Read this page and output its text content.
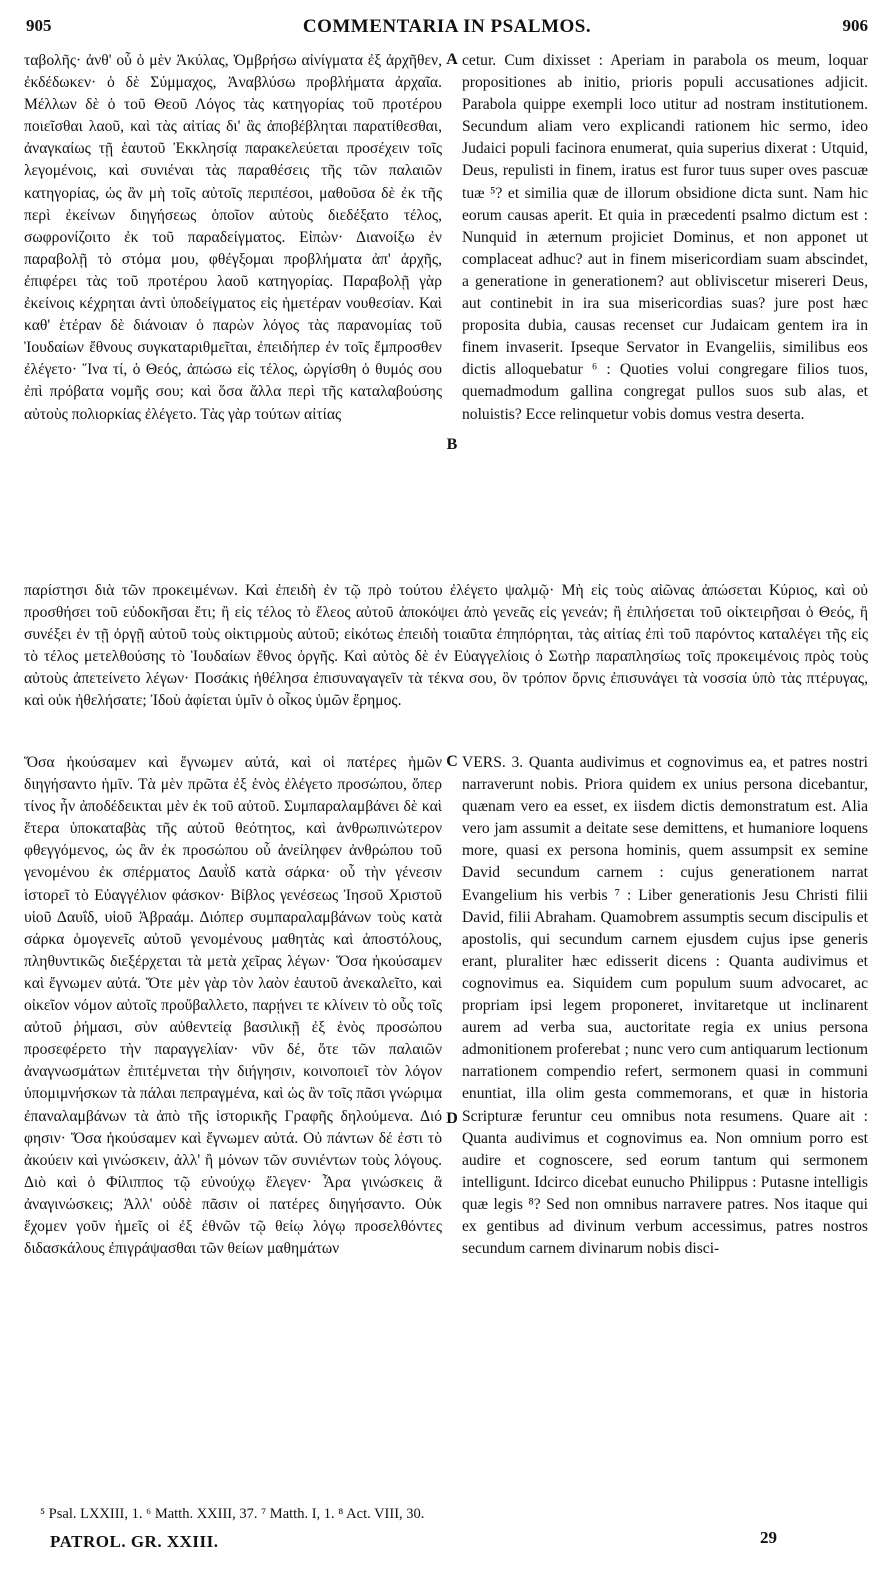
905	COMMENTARIA IN PSALMOS.	906

ταβολῆς· ἀνθ' οὗ ὁ μὲν Ἀκύλας, Ὀμβρήσω αἰνίγματα ἐξ ἀρχῆθεν, ἐκδέδωκεν· ὁ δὲ Σύμμαχος, Ἀναβλύσω προβλήματα ἀρχαῖα. Μέλλων δὲ ὁ τοῦ Θεοῦ Λόγος τὰς κατηγορίας τοῦ προτέρου ποιεῖσθαι λαοῦ, καὶ τὰς αἰτίας δι' ἃς ἀποβέβληται παρατίθεσθαι, ἀναγκαίως τῇ ἑαυτοῦ Ἐκκλησίᾳ παρακελεύεται προσέχειν τοῖς λεγομένοις, καὶ συνιέναι τὰς παραθέσεις τῆς τῶν παλαιῶν κατηγορίας, ὡς ἂν μὴ τοῖς αὐτοῖς περιπέσοι, μαθοῦσα δὲ ἐκ τῆς περὶ ἐκείνων διηγήσεως ὁποῖον αὐτοὺς διεδέξατο τέλος, σωφρονίζοιτο ἐκ τοῦ παραδείγματος. Εἰπὼν· Διανοίξω ἐν παραβολῇ τὸ στόμα μου, φθέγξομαι προβλήματα ἀπ' ἀρχῆς, ἐπιφέρει τὰς τοῦ προτέρου λαοῦ κατηγορίας. Παραβολῇ γὰρ ἐκείνοις κέχρηται ἀντὶ ὑποδείγματος εἰς ἡμετέραν νουθεσίαν. Καὶ καθ' ἑτέραν δὲ διάνοιαν ὁ παρὼν λόγος τὰς παρανομίας τοῦ Ἰουδαίων ἔθνους συγκαταριθμεῖται, ἐπειδήπερ ἐν τοῖς ἔμπροσθεν ἐλέγετο· Ἵνα τί, ὁ Θεός, ἀπώσω εἰς τέλος, ὠργίσθη ὁ θυμός σου ἐπὶ πρόβατα νομῆς σου; καὶ ὅσα ἄλλα περὶ τῆς καταλαβούσης αὐτοὺς πολιορκίας ἐλέγετο. Τὰς γὰρ τούτων αἰτίας

cetur. Cum dixisset : Aperiam in parabola os meum, loquar propositiones ab initio, prioris populi accusationes adjicit. Parabola quippe exempli loco utitur ad nostram institutionem. Secundum aliam vero explicandi rationem hic sermo, ideo Judaici populi facinora enumerat, quia superius dixerat : Utquid, Deus, repulisti in finem, iratus est furor tuus super oves pascuæ tuæ ⁵? et similia quæ de illorum obsidione dicta sunt. Nam hic eorum causas aperit. Et quia in præcedenti psalmo dictum est : Nunquid in æternum projiciet Dominus, et non apponet ut complaceat adhuc? aut in finem misericordiam suam abscindet, a generatione in generationem? aut obliviscetur misereri Deus, aut continebit in ira sua misericordias suas? jure post hæc proposita dubia, causas recenset cur Judaicam gentem ira in finem invaserit. Ipseque Servator in Evangeliis, similibus eos dictis alloquebatur ⁶ : Quoties volui congregare filios tuos, quemadmodum gallina congregat pullos suos sub alas, et noluistis? Ecce relinquetur vobis domus vestra deserta.

A
B

παρίστησι διὰ τῶν προκειμένων. Καὶ ἐπειδὴ ἐν τῷ πρὸ τούτου ἐλέγετο ψαλμῷ· Μὴ εἰς τοὺς αἰῶνας ἀπώσεται Κύριος, καὶ οὐ προσθήσει τοῦ εὐδοκῆσαι ἔτι; ἢ εἰς τέλος τὸ ἔλεος αὐτοῦ ἀποκόψει ἀπὸ γενεᾶς εἰς γενεάν; ἢ ἐπιλήσεται τοῦ οἰκτειρῆσαι ὁ Θεός, ἢ συνέξει ἐν τῇ ὀργῇ αὐτοῦ τοὺς οἰκτιρμοὺς αὐτοῦ; εἰκότως ἐπειδὴ τοιαῦτα ἐπηπόρηται, τὰς αἰτίας ἐπὶ τοῦ παρόντος καταλέγει τῆς εἰς τὸ τέλος μετελθούσης τὸ Ἰουδαίων ἔθνος ὀργῆς. Καὶ αὐτὸς δὲ ἐν Εὐαγγελίοις ὁ Σωτὴρ παραπλησίως τοῖς προκειμένοις πρὸς τοὺς αὐτοὺς ἀπετείνετο λέγων· Ποσάκις ἠθέλησα ἐπισυναγαγεῖν τὰ τέκνα σου, ὃν τρόπον ὄρνις ἐπισυνάγει τὰ νοσσία ὑπὸ τὰς πτέρυγας, καὶ οὐκ ἠθελήσατε; Ἰδοὺ ἀφίεται ὑμῖν ὁ οἶκος ὑμῶν ἔρημος.

Ὅσα ἠκούσαμεν καὶ ἔγνωμεν αὐτά, καὶ οἱ πατέρες ἡμῶν διηγήσαντο ἡμῖν. Τὰ μὲν πρῶτα ἐξ ἑνὸς ἐλέγετο προσώπου, ὅπερ τίνος ἦν ἀποδέδεικται μὲν ἐκ τοῦ αὐτοῦ. Συμπαραλαμβάνει δὲ καὶ ἕτερα ὑποκαταβὰς τῆς αὐτοῦ θεότητος, καὶ ἀνθρωπινώτερον φθεγγόμενος, ὡς ἂν ἐκ προσώπου οὗ ἀνείληφεν ἀνθρώπου τοῦ γενομένου ἐκ σπέρματος Δαυῒδ κατὰ σάρκα· οὗ τὴν γένεσιν ἱστορεῖ τὸ Εὐαγγέλιον φάσκον· Βίβλος γενέσεως Ἰησοῦ Χριστοῦ υἱοῦ Δαυΐδ, υἱοῦ Ἀβραάμ. Διόπερ συμπαραλαμβάνων τοὺς κατὰ σάρκα ὁμογενεῖς αὐτοῦ γενομένους μαθητὰς καὶ ἀποστόλους, πληθυντικῶς διεξέρχεται τὰ μετὰ χεῖρας λέγων· Ὅσα ἠκούσαμεν καὶ ἔγνωμεν αὐτά. Ὅτε μὲν γὰρ τὸν λαὸν ἑαυτοῦ ἀνεκαλεῖτο, καὶ οἰκεῖον νόμον αὐτοῖς προὔβαλλετο, παρῄνει τε κλίνειν τὸ οὖς τοῖς αὐτοῦ ῥήμασι, σὺν αὐθεντείᾳ βασιλικῇ ἐξ ἑνὸς προσώπου προσεφέρετο τὴν παραγγελίαν· νῦν δέ, ὅτε τῶν παλαιῶν ἀναγνωσμάτων ἐπιτέμνεται τὴν διήγησιν, κοινοποιεῖ τὸν λόγον ὑπομιμνήσκων τὰ πάλαι πεπραγμένα, καὶ ὡς ἂν τοῖς πᾶσι γνώριμα ἐπαναλαμβάνων τὰ ἀπὸ τῆς ἱστορικῆς Γραφῆς δηλούμενα. Διό φησιν· Ὅσα ἠκούσαμεν καὶ ἔγνωμεν αὐτά. Οὐ πάντων δέ ἐστι τὸ ἀκούειν καὶ γινώσκειν, ἀλλ' ἢ μόνων τῶν συνιέντων τοὺς λόγους. Διὸ καὶ ὁ Φίλιππος τῷ εὐνούχῳ ἔλεγεν· Ἆρα γινώσκεις ἃ ἀναγινώσκεις; Ἀλλ' οὐδὲ πᾶσιν οἱ πατέρες διηγήσαντο. Οὐκ ἔχομεν γοῦν ἡμεῖς οἱ ἐξ ἐθνῶν τῷ θείῳ λόγῳ προσελθόντες διδασκάλους ἐπιγράψασθαι τῶν θείων μαθημάτων

VERS. 3. Quanta audivimus et cognovimus ea, et patres nostri narraverunt nobis. Priora quidem ex unius persona dicebantur, quænam vero ea esset, ex iisdem dictis demonstratum est. Alia vero jam assumit a deitate sese demittens, et humaniore loquens more, quasi ex persona hominis, quem assumpsit ex semine David secundum carnem : cujus generationem narrat Evangelium his verbis ⁷ : Liber generationis Jesu Christi filii David, filii Abraham. Quamobrem assumptis secum discipulis et apostolis, qui secundum carnem ejusdem cujus ipse generis erant, pluraliter hæc edisserit dicens : Quanta audivimus et cognovimus ea. Siquidem cum populum suum advocaret, ac propriam ipsi legem proponeret, invitaretque ut inclinarent aurem ad verba sua, auctoritate regia ex unius persona admonitionem proferebat ; nunc vero cum antiquarum lectionum narrationem compendio refert, sermonem quasi in communi enuntiat, illa olim gesta commemorans, et quæ in historia Scripturæ feruntur ceu omnibus nota resumens. Quare ait : Quanta audivimus et cognovimus ea. Non omnium porro est audire et cognoscere, sed eorum tantum qui sermonem intelligunt. Idcirco dicebat eunucho Philippus : Putasne intelligis quæ legis ⁸? Sed non omnibus narravere patres. Nos itaque qui ex gentibus ad divinum verbum accessimus, patres nostros secundum carnem divinarum nobis disci-

C
D
⁵ Psal. LXXIII, 1. ⁶ Matth. XXIII, 37. ⁷ Matth. I, 1. ⁸ Act. VIII, 30.
PATROL. GR. XXIII.	29
